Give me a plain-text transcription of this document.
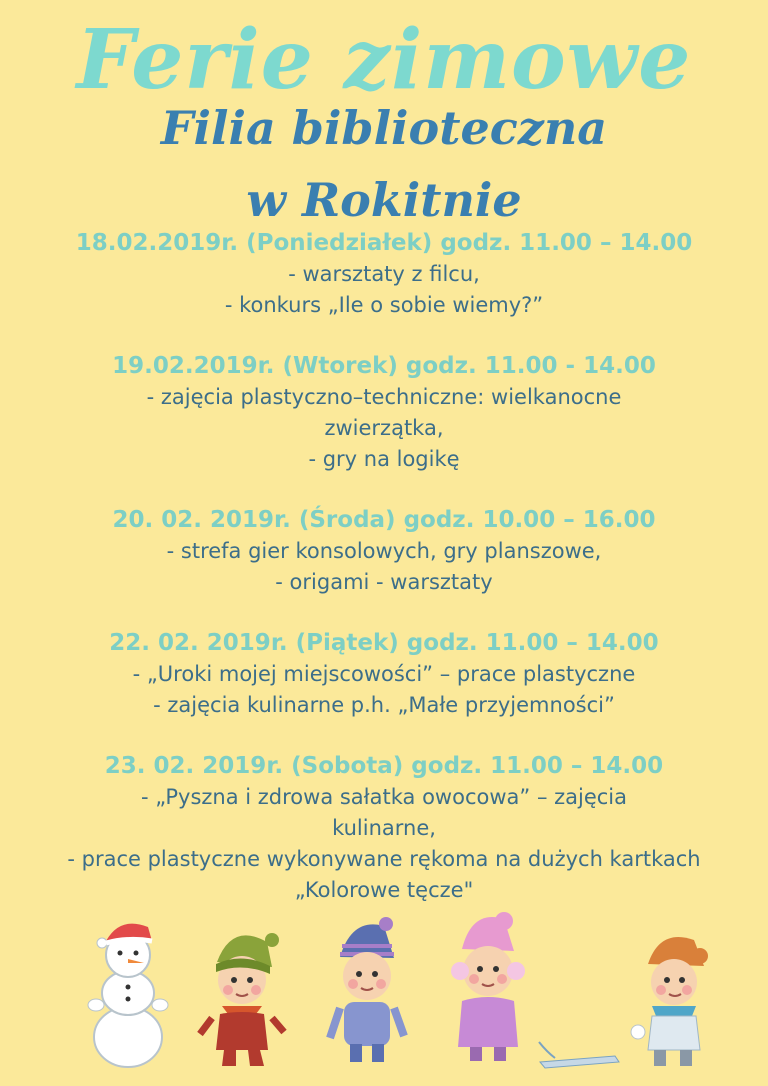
Ferie zimowe
Filia biblioteczna
w Rokitnie
18.02.2019r. (Poniedziałek) godz. 11.00 – 14.00
- warsztaty z filcu,
- konkurs „Ile o sobie wiemy?”
19.02.2019r. (Wtorek) godz. 11.00 - 14.00
- zajęcia plastyczno–techniczne: wielkanocne zwierzątka,
- gry na logikę
20. 02. 2019r. (Środa) godz. 10.00 – 16.00
- strefa gier konsolowych, gry planszowe,
- origami - warsztaty
22. 02. 2019r. (Piątek) godz. 11.00 – 14.00
- „Uroki mojej miejscowości” – prace plastyczne
- zajęcia kulinarne p.h. „Małe przyjemności”
23. 02. 2019r. (Sobota) godz. 11.00 – 14.00
- „Pyszna i zdrowa sałatka owocowa” – zajęcia kulinarne,
- prace plastyczne wykonywane rękoma na dużych kartkach „Kolorowe tęcze"
